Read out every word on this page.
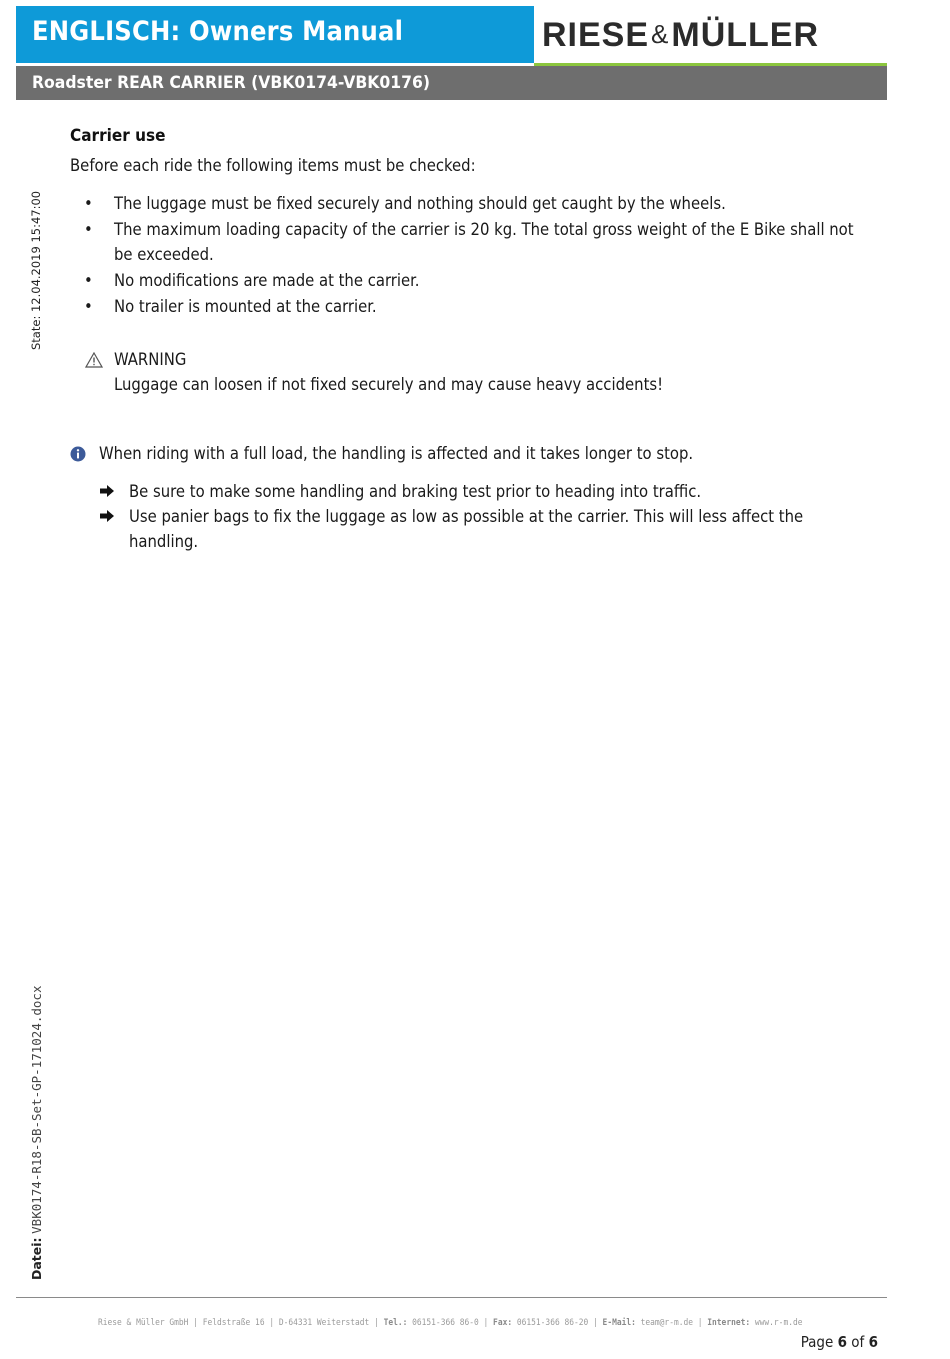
ENGLISCH: Owners Manual	RIESE&MÜLLER
Roadster REAR CARRIER (VBK0174-VBK0176)
State: 12.04.2019 15:47:00
Datei: VBK0174-R18-SB-Set-GP-171024.docx
Carrier use
Before each ride the following items must be checked:
• The luggage must be fixed securely and nothing should get caught by the wheels.
• The maximum loading capacity of the carrier is 20 kg. The total gross weight of the E Bike shall not be exceeded.
• No modifications are made at the carrier.
• No trailer is mounted at the carrier.
WARNING
Luggage can loosen if not fixed securely and may cause heavy accidents!
When riding with a full load, the handling is affected and it takes longer to stop.
Be sure to make some handling and braking test prior to heading into traffic.
Use panier bags to fix the luggage as low as possible at the carrier. This will less affect the handling.
Riese & Müller GmbH | Feldstraße 16 | D-64331 Weiterstadt | Tel.: 06151-366 86-0 | Fax: 06151-366 86-20 | E-Mail: team@r-m.de | Internet: www.r-m.de
Page 6 of 6
